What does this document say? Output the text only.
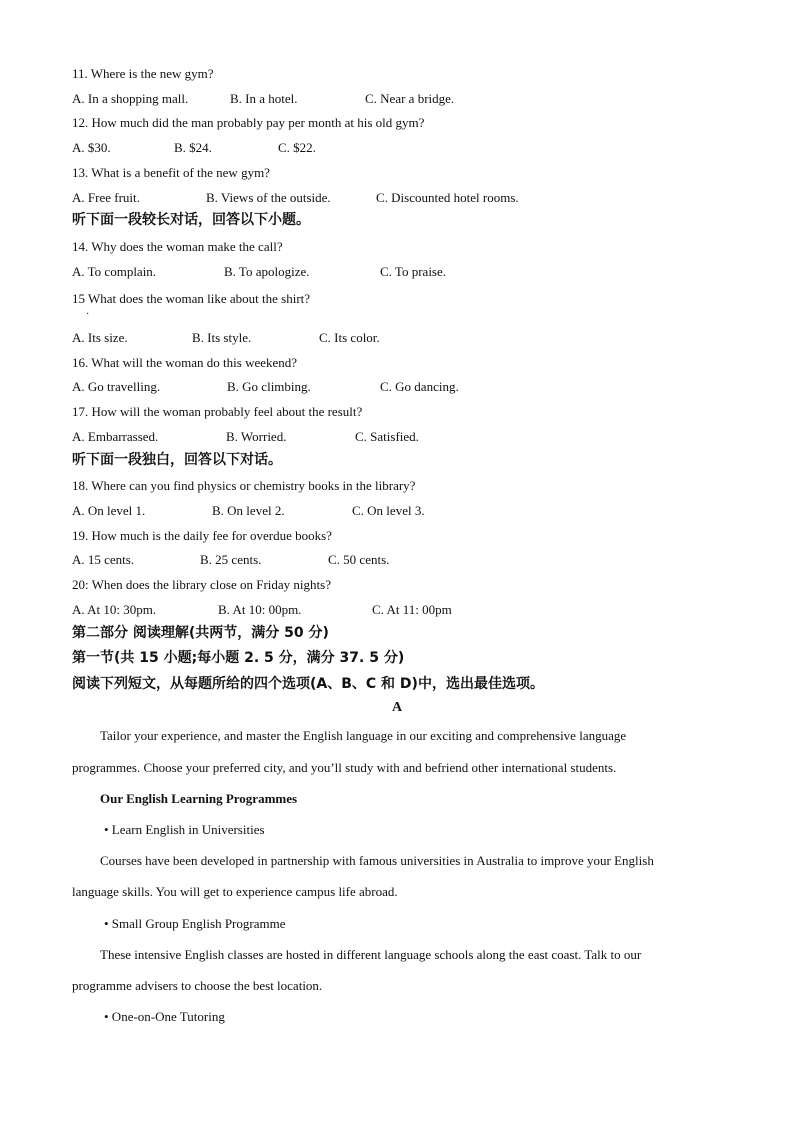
11. Where is the new gym?
A. In a shopping mall.	B. In a hotel.	C. Near a bridge.
12. How much did the man probably pay per month at his old gym?
A. $30.	B. $24.	C. $22.
13. What is a benefit of the new gym?
A. Free fruit.	B. Views of the outside.	C. Discounted hotel rooms.
听下面一段较长对话，回答以下小题。
14. Why does the woman make the call?
A. To complain.	B. To apologize.	C. To praise.
15 What does the woman like about the shirt?
·
A. Its size.	B. Its style.	C. Its color.
16. What will the woman do this weekend?
A. Go travelling.	B. Go climbing.	C. Go dancing.
17. How will the woman probably feel about the result?
A. Embarrassed.	B. Worried.	C. Satisfied.
听下面一段独白，回答以下对话。
18. Where can you find physics or chemistry books in the library?
A. On level 1.	B. On level 2.	C. On level 3.
19. How much is the daily fee for overdue books?
A. 15 cents.	B. 25 cents.	C. 50 cents.
20: When does the library close on Friday nights?
A. At 10: 30pm.	B. At 10: 00pm.	C. At 11: 00pm
第二部分 阅读理解(共两节，满分 50 分)
第一节(共 15 小题;每小题 2. 5 分，满分 37. 5 分)
阅读下列短文，从每题所给的四个选项(A、B、C 和 D)中，选出最佳选项。
A
Tailor your experience, and master the English language in our exciting and comprehensive language
programmes. Choose your preferred city, and you’ll study with and befriend other international students.
Our English Learning Programmes
• Learn English in Universities
Courses have been developed in partnership with famous universities in Australia to improve your English
language skills. You will get to experience campus life abroad.
• Small Group English Programme
These intensive English classes are hosted in different language schools along the east coast. Talk to our
programme advisers to choose the best location.
• One-on-One Tutoring
